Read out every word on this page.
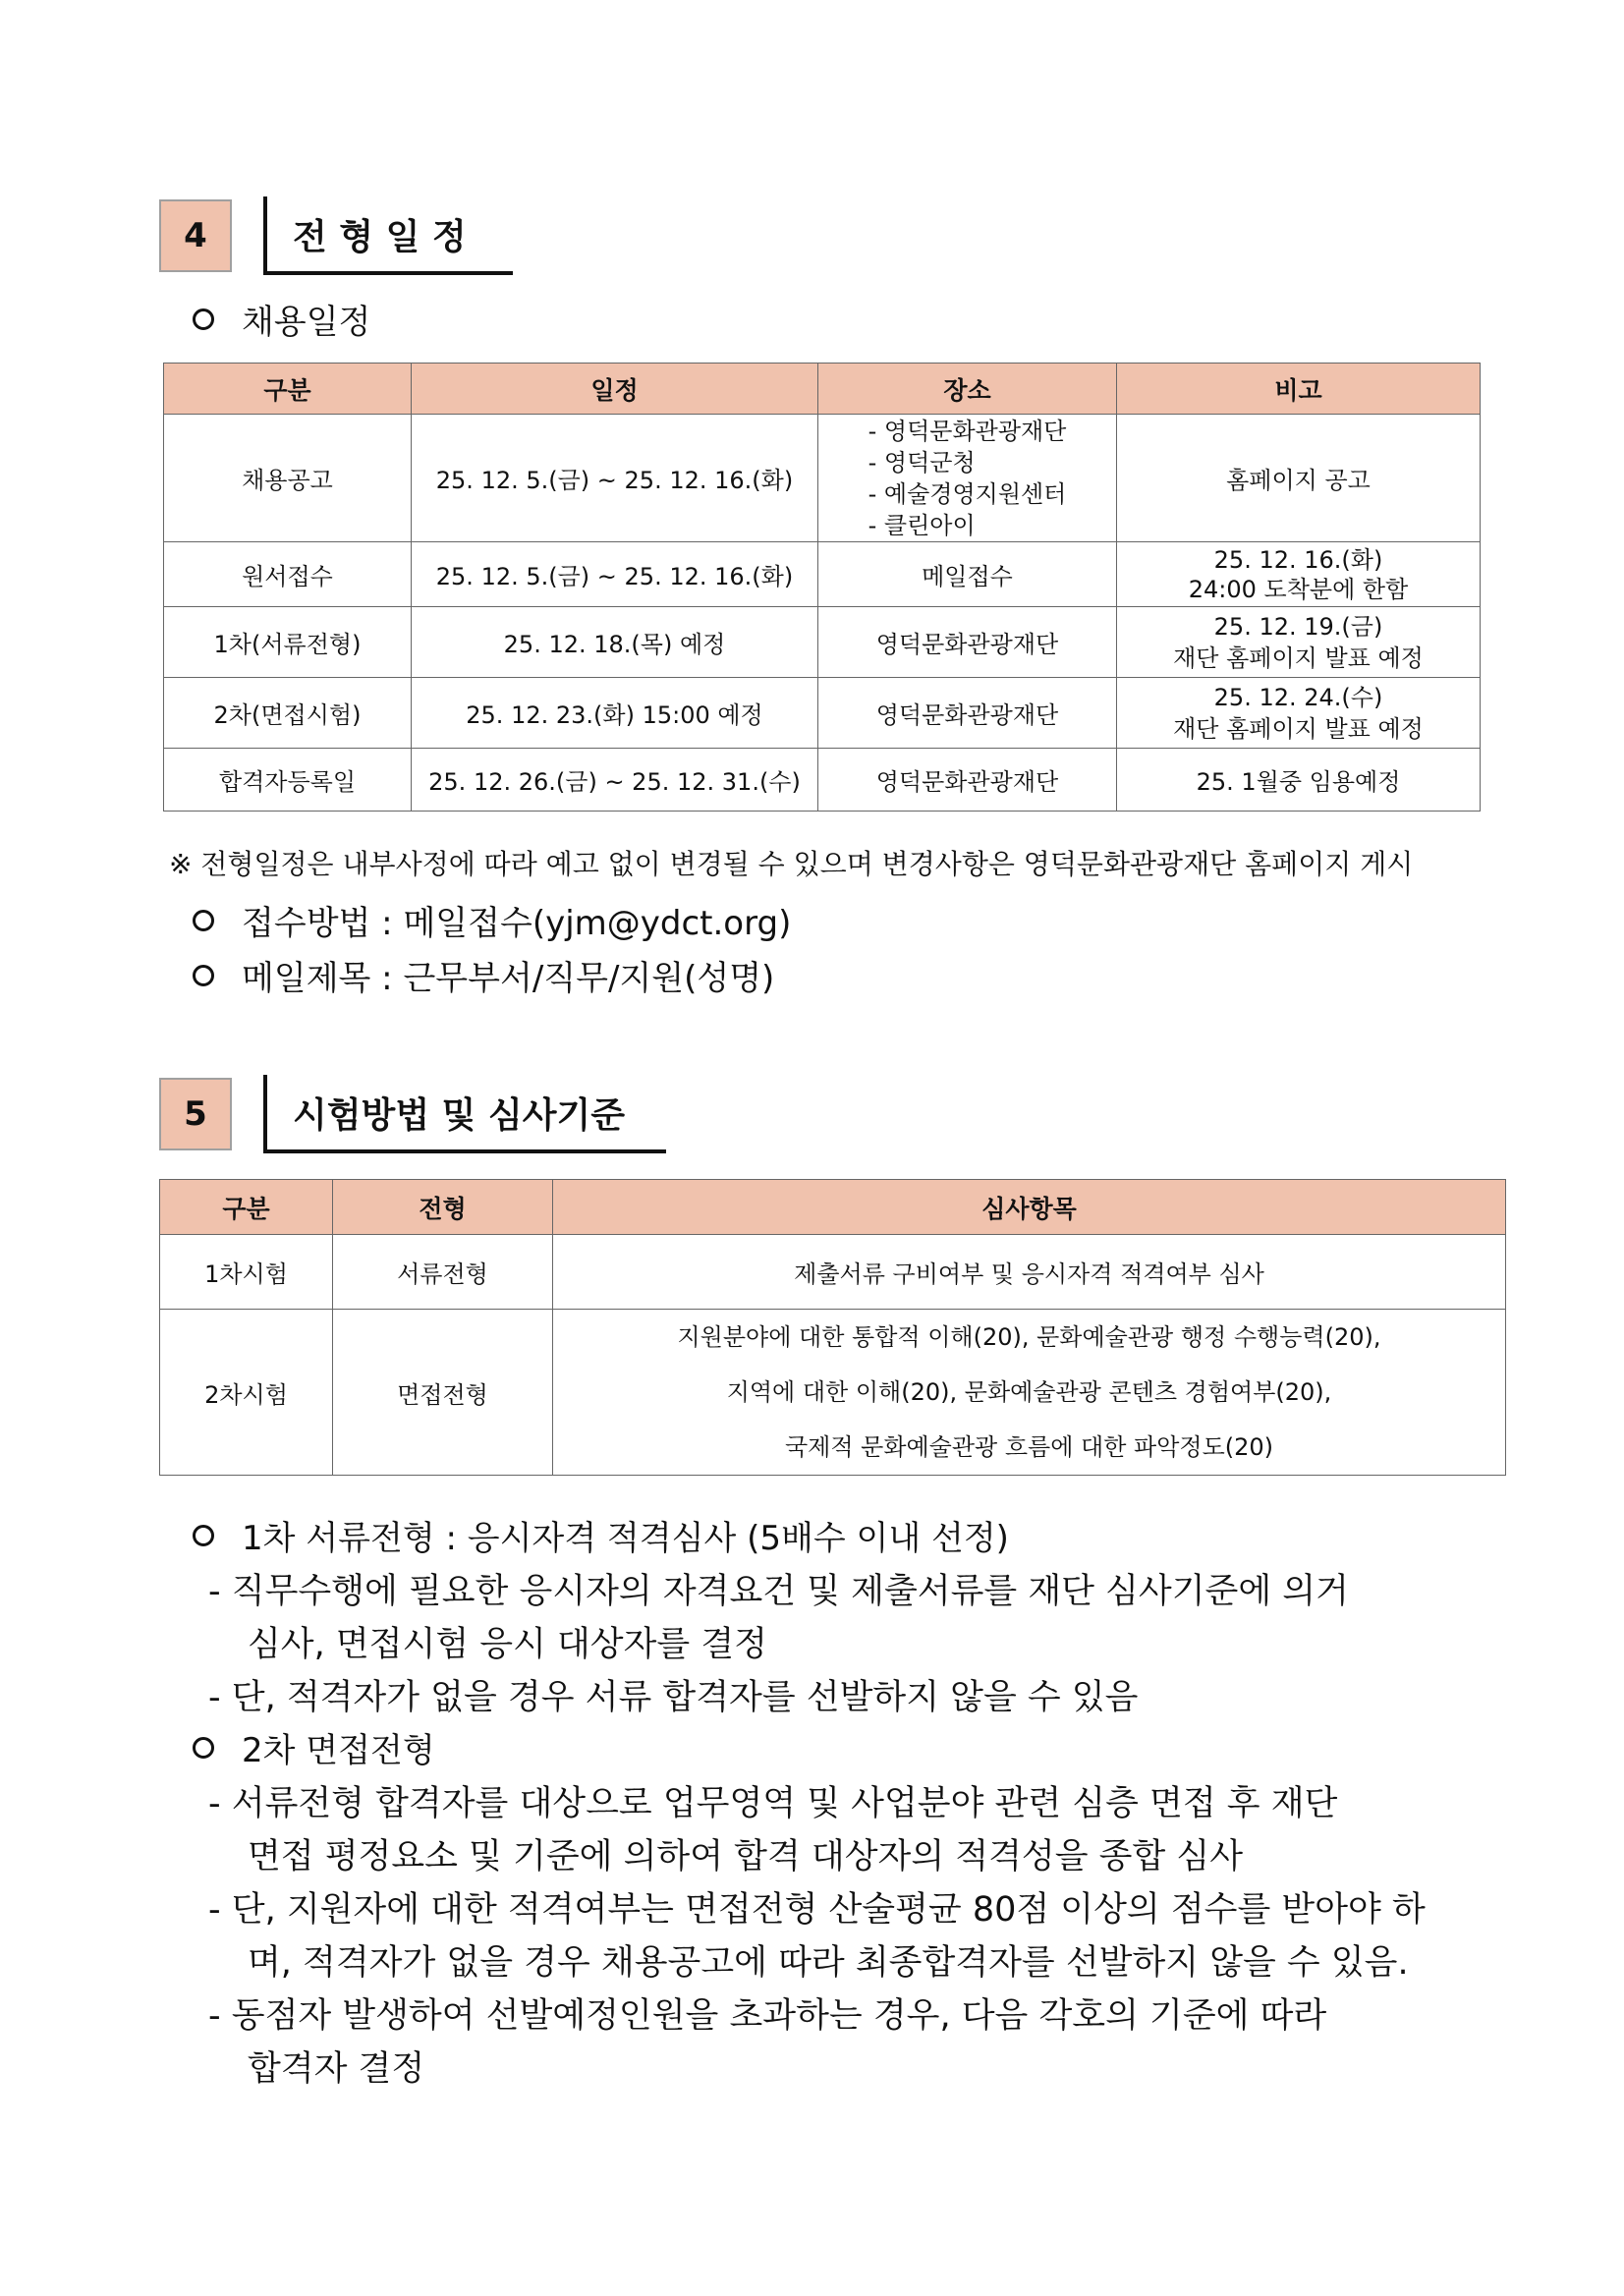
4	전 형 일 정
채용일정
구분	일정	장소	비고
채용공고	25. 12. 5.(금) ~ 25. 12. 16.(화)	- 영덕문화관광재단
- 영덕군청
- 예술경영지원센터
- 클린아이	홈페이지 공고
원서접수	25. 12. 5.(금) ~ 25. 12. 16.(화)	메일접수	25. 12. 16.(화)
24:00 도착분에 한함

1차(서류전형)	25. 12. 18.(목) 예정	영덕문화관광재단	25. 12. 19.(금)
재단 홈페이지 발표 예정

2차(면접시험)	25. 12. 23.(화) 15:00 예정	영덕문화관광재단	25. 12. 24.(수)
재단 홈페이지 발표 예정

합격자등록일	25. 12. 26.(금) ~ 25. 12. 31.(수)	영덕문화관광재단	25. 1월중 임용예정
※ 전형일정은 내부사정에 따라 예고 없이 변경될 수 있으며 변경사항은 영덕문화관광재단 홈페이지 게시
접수방법 : 메일접수(yjm@ydct.org)
메일제목 : 근무부서/직무/지원(성명)
5	시험방법 및 심사기준
구분	전형	심사항목
1차시험	서류전형	제출서류 구비여부 및 응시자격 적격여부 심사
2차시험	면접전형	지원분야에 대한 통합적 이해(20), 문화예술관광 행정 수행능력(20),
지역에 대한 이해(20), 문화예술관광 콘텐츠 경험여부(20),
국제적 문화예술관광 흐름에 대한 파악정도(20)
1차 서류전형 : 응시자격 적격심사 (5배수 이내 선정)
- 직무수행에 필요한 응시자의 자격요건 및 제출서류를 재단 심사기준에 의거
심사, 면접시험 응시 대상자를 결정
- 단, 적격자가 없을 경우 서류 합격자를 선발하지 않을 수 있음
2차 면접전형
- 서류전형 합격자를 대상으로 업무영역 및 사업분야 관련 심층 면접 후 재단
면접 평정요소 및 기준에 의하여 합격 대상자의 적격성을 종합 심사
- 단, 지원자에 대한 적격여부는 면접전형 산술평균 80점 이상의 점수를 받아야 하
며, 적격자가 없을 경우 채용공고에 따라 최종합격자를 선발하지 않을 수 있음.
- 동점자 발생하여 선발예정인원을 초과하는 경우, 다음 각호의 기준에 따라
합격자 결정
